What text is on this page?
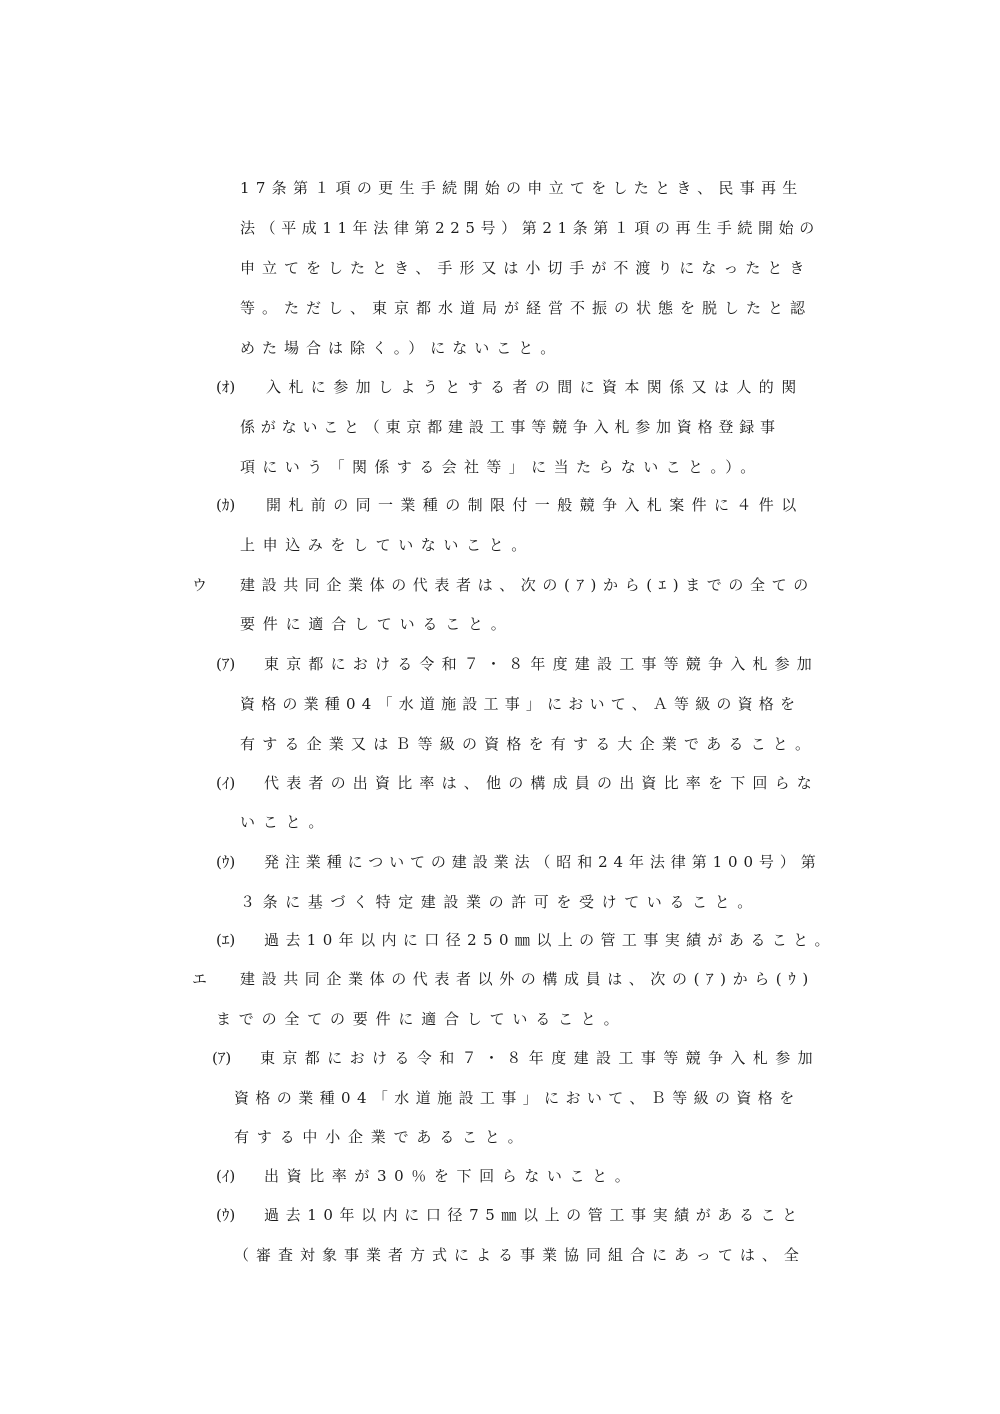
17条第１項の更生手続開始の申立てをしたとき、民事再生
法（平成11年法律第225号）第21条第１項の再生手続開始の
申立てをしたとき、手形又は小切手が不渡りになったとき
等。ただし、東京都水道局が経営不振の状態を脱したと認
めた場合は除く。）にないこと。
(ｵ) 入札に参加しようとする者の間に資本関係又は人的関
係がないこと（東京都建設工事等競争入札参加資格登録事
項にいう「関係する会社等」に当たらないこと。）。
(ｶ) 開札前の同一業種の制限付一般競争入札案件に４件以
上申込みをしていないこと。
ウ 建設共同企業体の代表者は、次の(ｱ)から(ｴ)までの全ての
要件に適合していること。
(ｱ) 東京都における令和７・８年度建設工事等競争入札参加
資格の業種04「水道施設工事」において、Ａ等級の資格を
有する企業又はＢ等級の資格を有する大企業であること。
(ｲ) 代表者の出資比率は、他の構成員の出資比率を下回らな
いこと。
(ｳ) 発注業種についての建設業法（昭和24年法律第100号）第
３条に基づく特定建設業の許可を受けていること。
(ｴ) 過去10年以内に口径250㎜以上の管工事実績があること。
エ 建設共同企業体の代表者以外の構成員は、次の(ｱ)から(ｳ)
までの全ての要件に適合していること。
(ｱ) 東京都における令和７・８年度建設工事等競争入札参加
資格の業種04「水道施設工事」において、Ｂ等級の資格を
有する中小企業であること。
(ｲ) 出資比率が30％を下回らないこと。
(ｳ) 過去10年以内に口径75㎜以上の管工事実績があること
（審査対象事業者方式による事業協同組合にあっては、全
